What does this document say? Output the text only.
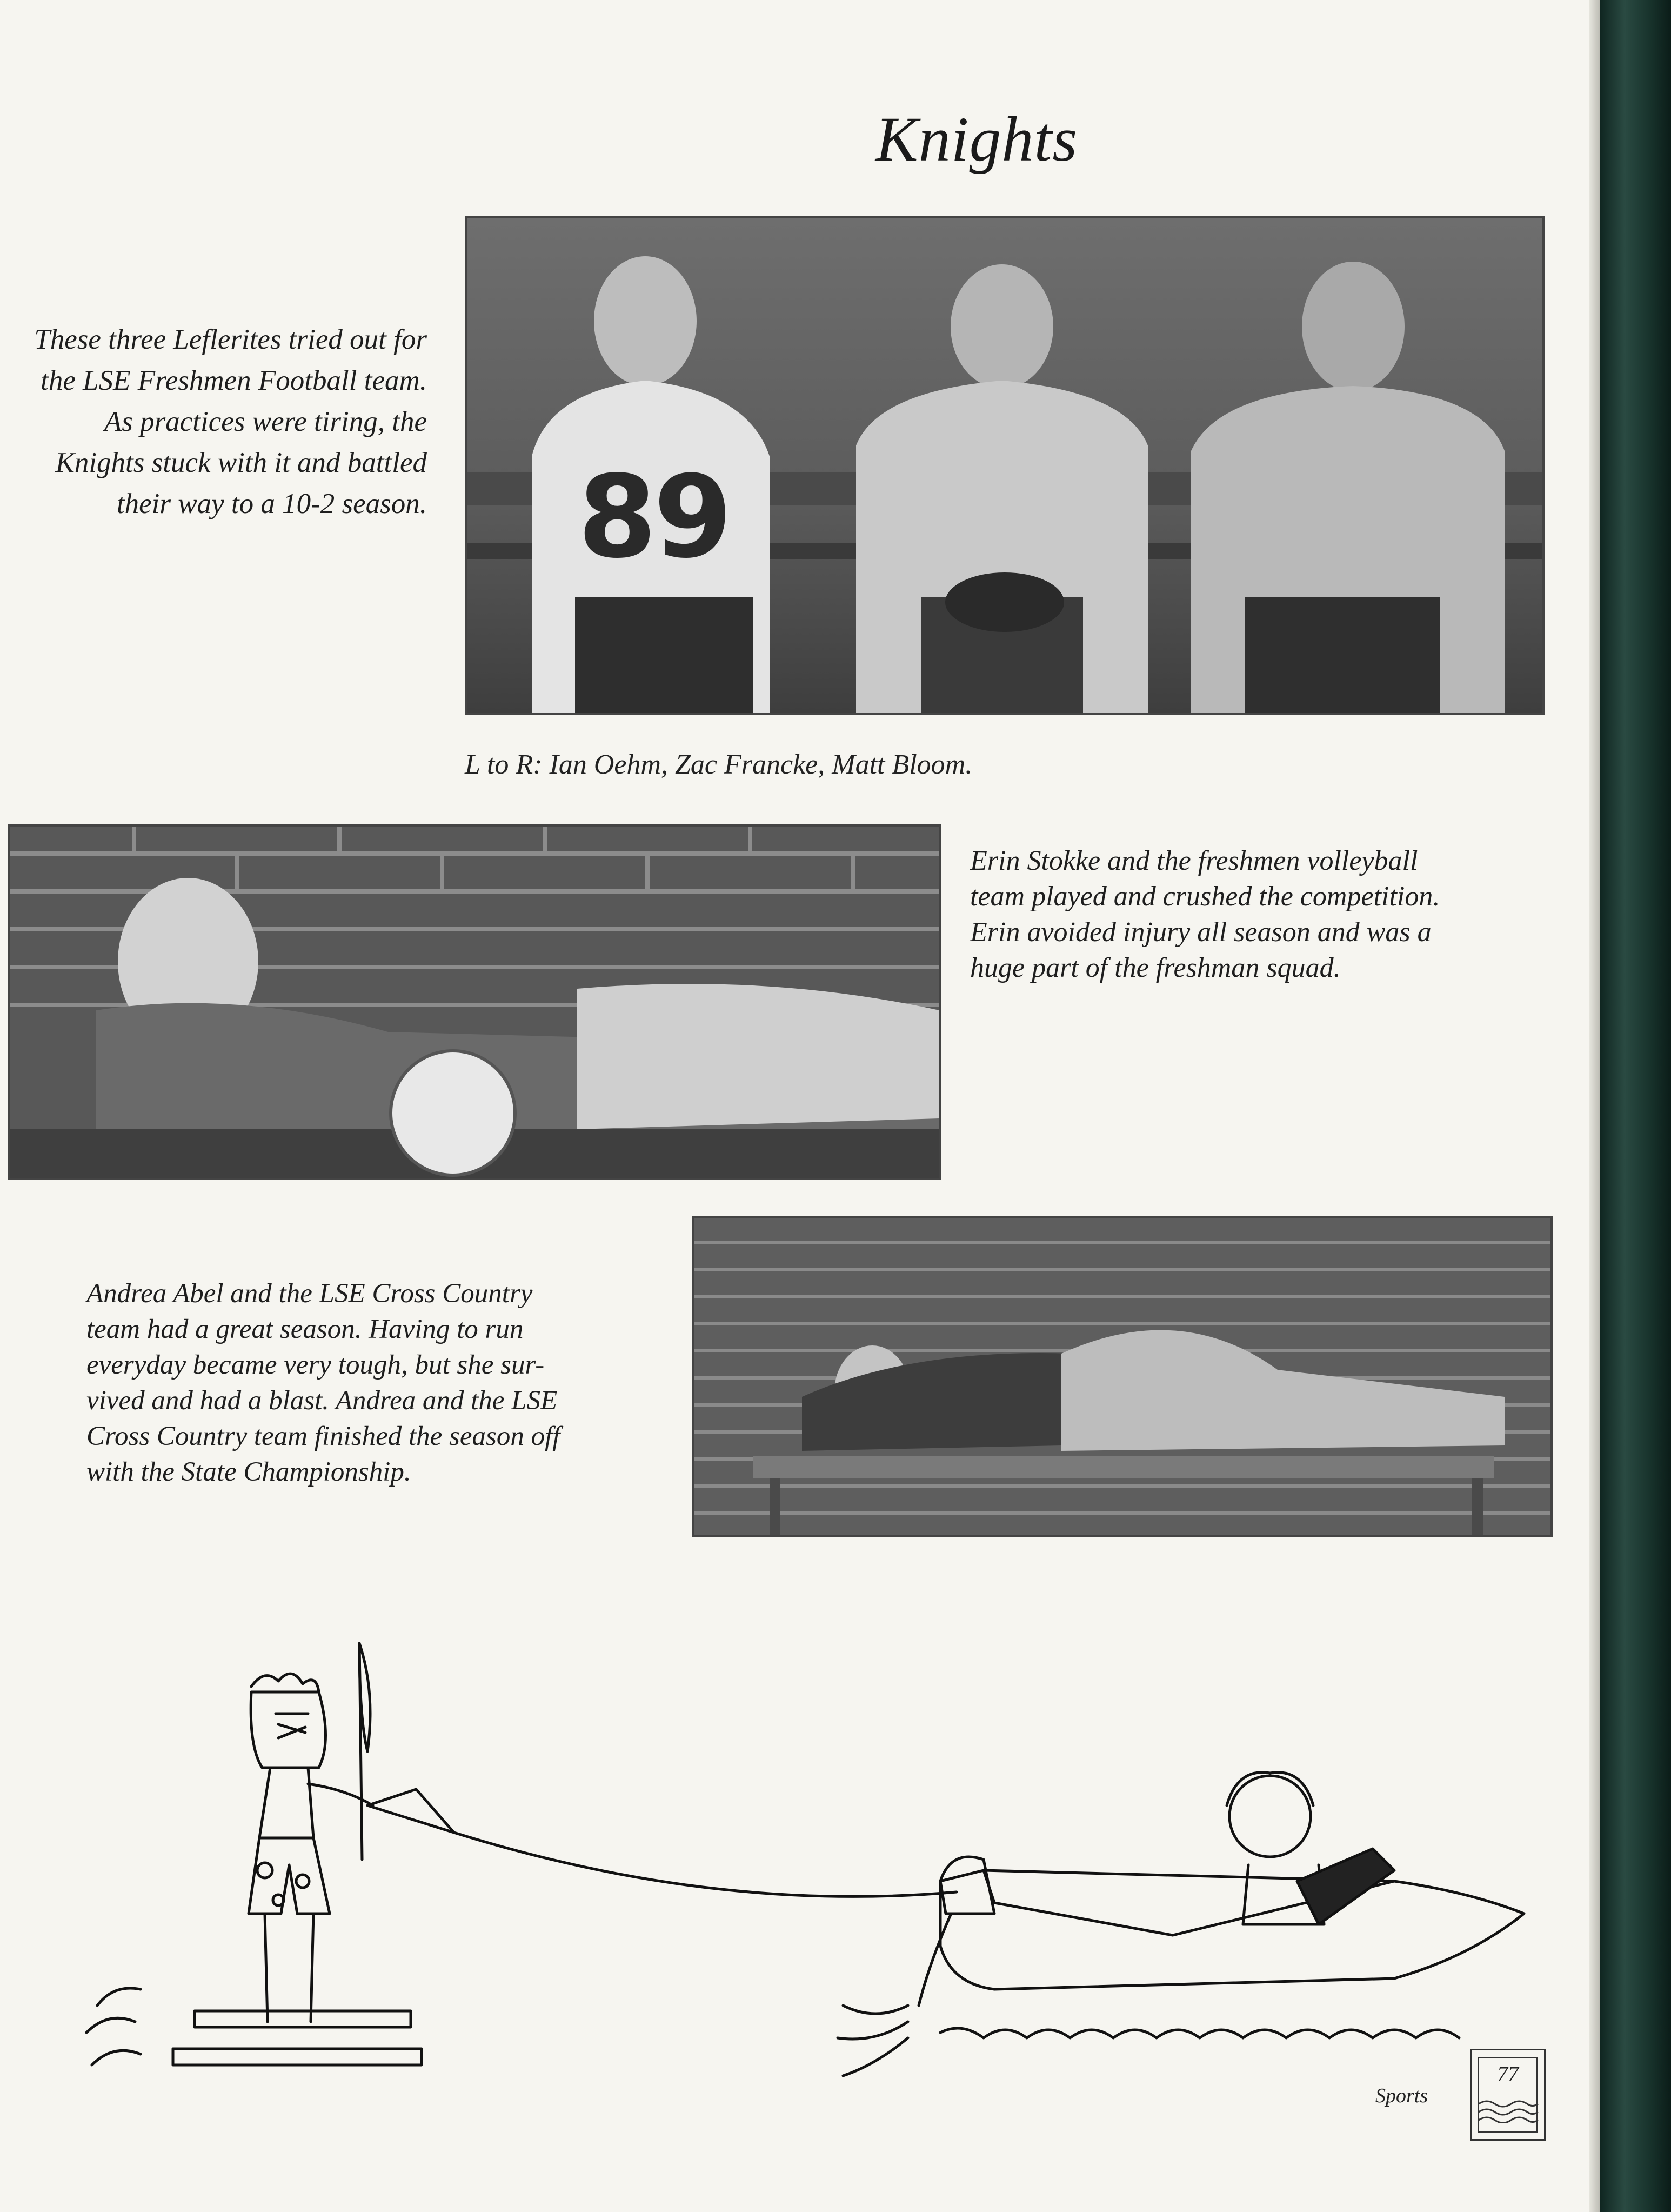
Knights
These three Leflerites tried out for
the LSE Freshmen Football team.
As practices were tiring, the
Knights stuck with it and battled
their way to a 10-2 season. 89
L to R: Ian Oehm, Zac Francke, Matt Bloom.
Erin Stokke and the freshmen volleyball
team played and crushed the competition.
Erin avoided injury all season and was a
huge part of the freshman squad.
Andrea Abel and the LSE Cross Country
team had a great season. Having to run
everyday became very tough, but she sur-
vived and had a blast. Andrea and the LSE
Cross Country team finished the season off
with the State Championship.
Sports
77
